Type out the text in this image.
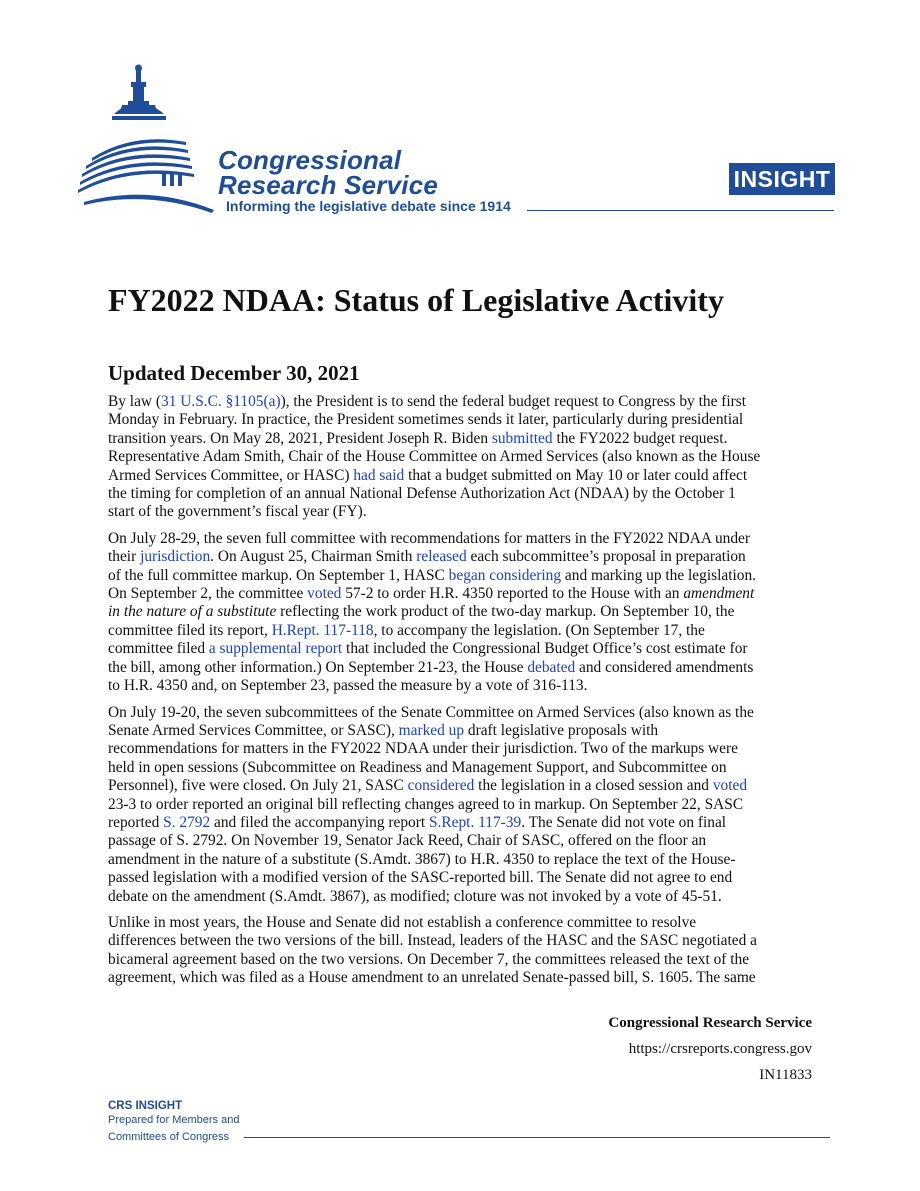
Congressional
Research Service
Informing the legislative debate since 1914
INSIGHT
FY2022 NDAA: Status of Legislative Activity
Updated December 30, 2021

By law (31 U.S.C. §1105(a)), the President is to send the federal budget request to Congress by the first
Monday in February. In practice, the President sometimes sends it later, particularly during presidential
transition years. On May 28, 2021, President Joseph R. Biden submitted the FY2022 budget request.
Representative Adam Smith, Chair of the House Committee on Armed Services (also known as the House
Armed Services Committee, or HASC) had said that a budget submitted on May 10 or later could affect
the timing for completion of an annual National Defense Authorization Act (NDAA) by the October 1
start of the government’s fiscal year (FY).

On July 28-29, the seven full committee with recommendations for matters in the FY2022 NDAA under
their jurisdiction. On August 25, Chairman Smith released each subcommittee’s proposal in preparation
of the full committee markup. On September 1, HASC began considering and marking up the legislation.
On September 2, the committee voted 57-2 to order H.R. 4350 reported to the House with an amendment
in the nature of a substitute reflecting the work product of the two-day markup. On September 10, the
committee filed its report, H.Rept. 117-118, to accompany the legislation. (On September 17, the
committee filed a supplemental report that included the Congressional Budget Office’s cost estimate for
the bill, among other information.) On September 21-23, the House debated and considered amendments
to H.R. 4350 and, on September 23, passed the measure by a vote of 316-113.

On July 19-20, the seven subcommittees of the Senate Committee on Armed Services (also known as the
Senate Armed Services Committee, or SASC), marked up draft legislative proposals with
recommendations for matters in the FY2022 NDAA under their jurisdiction. Two of the markups were
held in open sessions (Subcommittee on Readiness and Management Support, and Subcommittee on
Personnel), five were closed. On July 21, SASC considered the legislation in a closed session and voted
23-3 to order reported an original bill reflecting changes agreed to in markup. On September 22, SASC
reported S. 2792 and filed the accompanying report S.Rept. 117-39. The Senate did not vote on final
passage of S. 2792. On November 19, Senator Jack Reed, Chair of SASC, offered on the floor an
amendment in the nature of a substitute (S.Amdt. 3867) to H.R. 4350 to replace the text of the House-
passed legislation with a modified version of the SASC-reported bill. The Senate did not agree to end
debate on the amendment (S.Amdt. 3867), as modified; cloture was not invoked by a vote of 45-51.

Unlike in most years, the House and Senate did not establish a conference committee to resolve
differences between the two versions of the bill. Instead, leaders of the HASC and the SASC negotiated a
bicameral agreement based on the two versions. On December 7, the committees released the text of the
agreement, which was filed as a House amendment to an unrelated Senate-passed bill, S. 1605. The same

Congressional Research Service
https://crsreports.congress.gov
IN11833
CRS INSIGHT
Prepared for Members and
Committees of Congress
